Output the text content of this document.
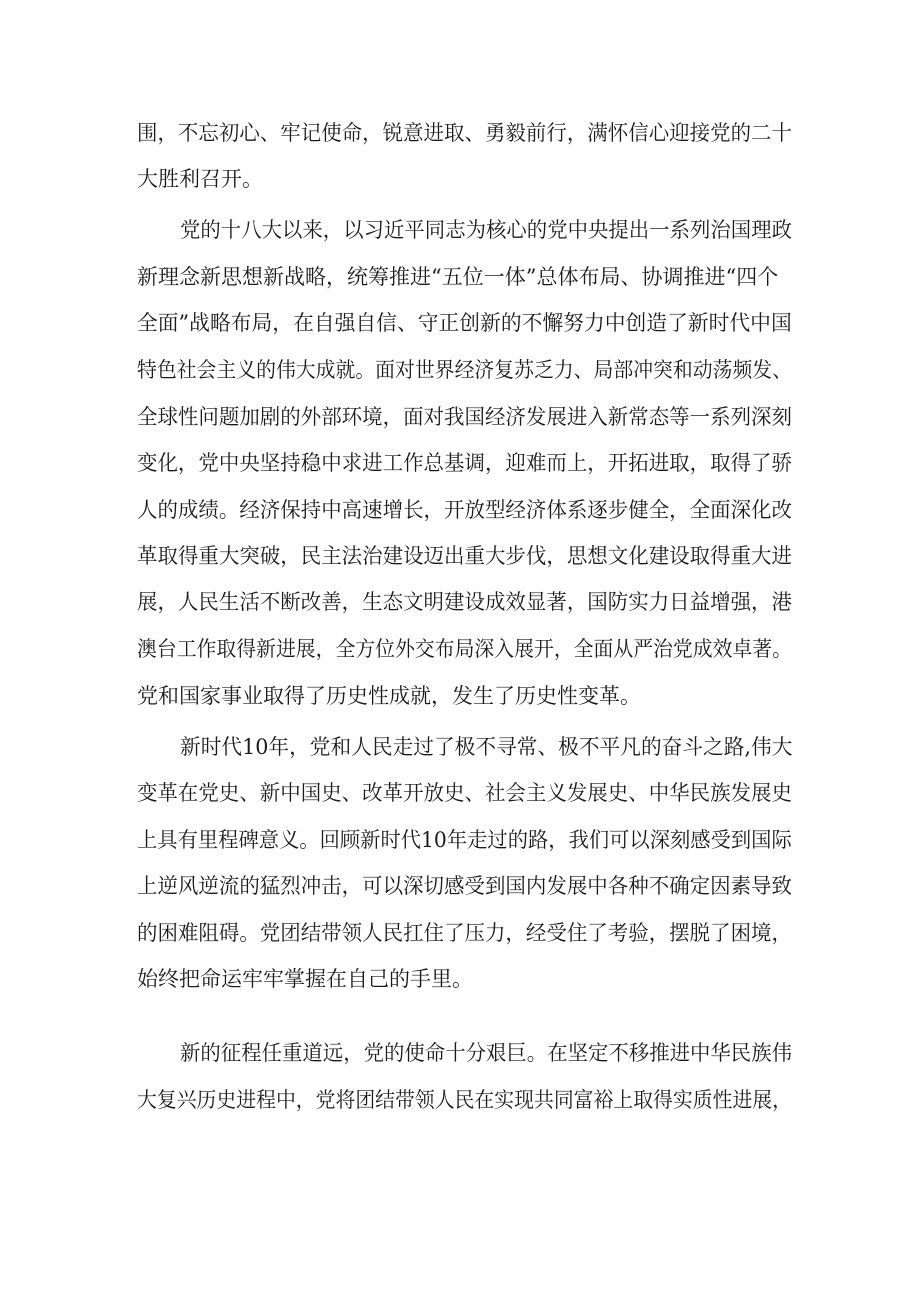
围，不忘初心、牢记使命，锐意进取、勇毅前行，满怀信心迎接党的二十
大胜利召开。
党的十八大以来，以习近平同志为核心的党中央提出一系列治国理政
新理念新思想新战略，统筹推进“五位一体”总体布局、协调推进“四个
全面”战略布局，在自强自信、守正创新的不懈努力中创造了新时代中国
特色社会主义的伟大成就。面对世界经济复苏乏力、局部冲突和动荡频发、
全球性问题加剧的外部环境，面对我国经济发展进入新常态等一系列深刻
变化，党中央坚持稳中求进工作总基调，迎难而上，开拓进取，取得了骄
人的成绩。经济保持中高速增长，开放型经济体系逐步健全，全面深化改
革取得重大突破，民主法治建设迈出重大步伐，思想文化建设取得重大进
展，人民生活不断改善，生态文明建设成效显著，国防实力日益增强，港
澳台工作取得新进展，全方位外交布局深入展开，全面从严治党成效卓著。
党和国家事业取得了历史性成就，发生了历史性变革。
新时代10年，党和人民走过了极不寻常、极不平凡的奋斗之路,伟大
变革在党史、新中国史、改革开放史、社会主义发展史、中华民族发展史
上具有里程碑意义。回顾新时代10年走过的路，我们可以深刻感受到国际
上逆风逆流的猛烈冲击，可以深切感受到国内发展中各种不确定因素导致
的困难阻碍。党团结带领人民扛住了压力，经受住了考验，摆脱了困境，
始终把命运牢牢掌握在自己的手里。
新的征程任重道远，党的使命十分艰巨。在坚定不移推进中华民族伟
大复兴历史进程中，党将团结带领人民在实现共同富裕上取得实质性进展，
